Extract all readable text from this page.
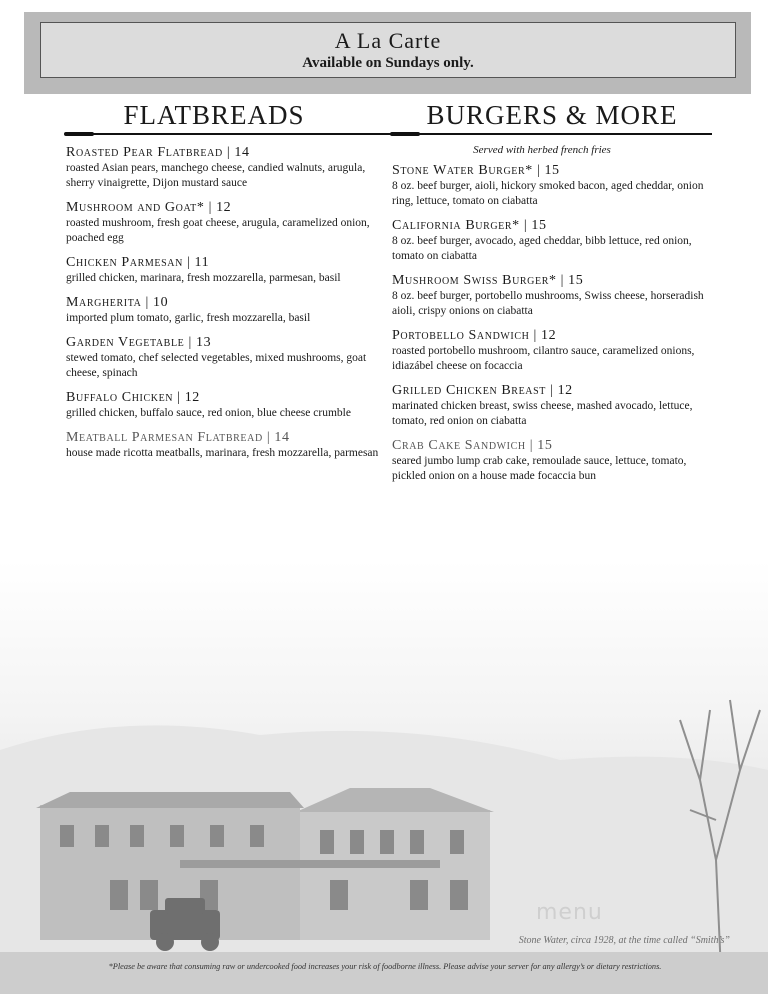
A La Carte
Available on Sundays only.
FLATBREADS
Roasted Pear Flatbread | 14
roasted Asian pears, manchego cheese, candied walnuts, arugula, sherry vinaigrette, Dijon mustard sauce
Mushroom and Goat* | 12
roasted mushroom, fresh goat cheese, arugula, caramelized onion, poached egg
Chicken Parmesan | 11
grilled chicken, marinara, fresh mozzarella, parmesan, basil
Margherita | 10
imported plum tomato, garlic, fresh mozzarella, basil
Garden Vegetable | 13
stewed tomato, chef selected vegetables, mixed mushrooms, goat cheese, spinach
Buffalo Chicken | 12
grilled chicken, buffalo sauce, red onion, blue cheese crumble
Meatball Parmesan Flatbread | 14
house made ricotta meatballs, marinara, fresh mozzarella, parmesan
BURGERS & MORE
Served with herbed french fries
Stone Water Burger* | 15
8 oz. beef burger, aioli, hickory smoked bacon, aged cheddar, onion ring, lettuce, tomato on ciabatta
California Burger* | 15
8 oz. beef burger, avocado, aged cheddar, bibb lettuce, red onion, tomato on ciabatta
Mushroom Swiss Burger* | 15
8 oz. beef burger, portobello mushrooms, Swiss cheese, horseradish aioli, crispy onions on ciabatta
Portobello Sandwich | 12
roasted portobello mushroom, cilantro sauce, caramelized onions, idiazábel cheese on focaccia
Grilled Chicken Breast | 12
marinated chicken breast, swiss cheese, mashed avocado, lettuce, tomato, red onion on ciabatta
Crab Cake Sandwich | 15
seared jumbo lump crab cake, remoulade sauce, lettuce, tomato, pickled onion on a house made focaccia bun
menu
Stone Water, circa 1928, at the time called “Smith’s”
*Please be aware that consuming raw or undercooked food increases your risk of foodborne illness. Please advise your server for any allergy’s or dietary restrictions.
